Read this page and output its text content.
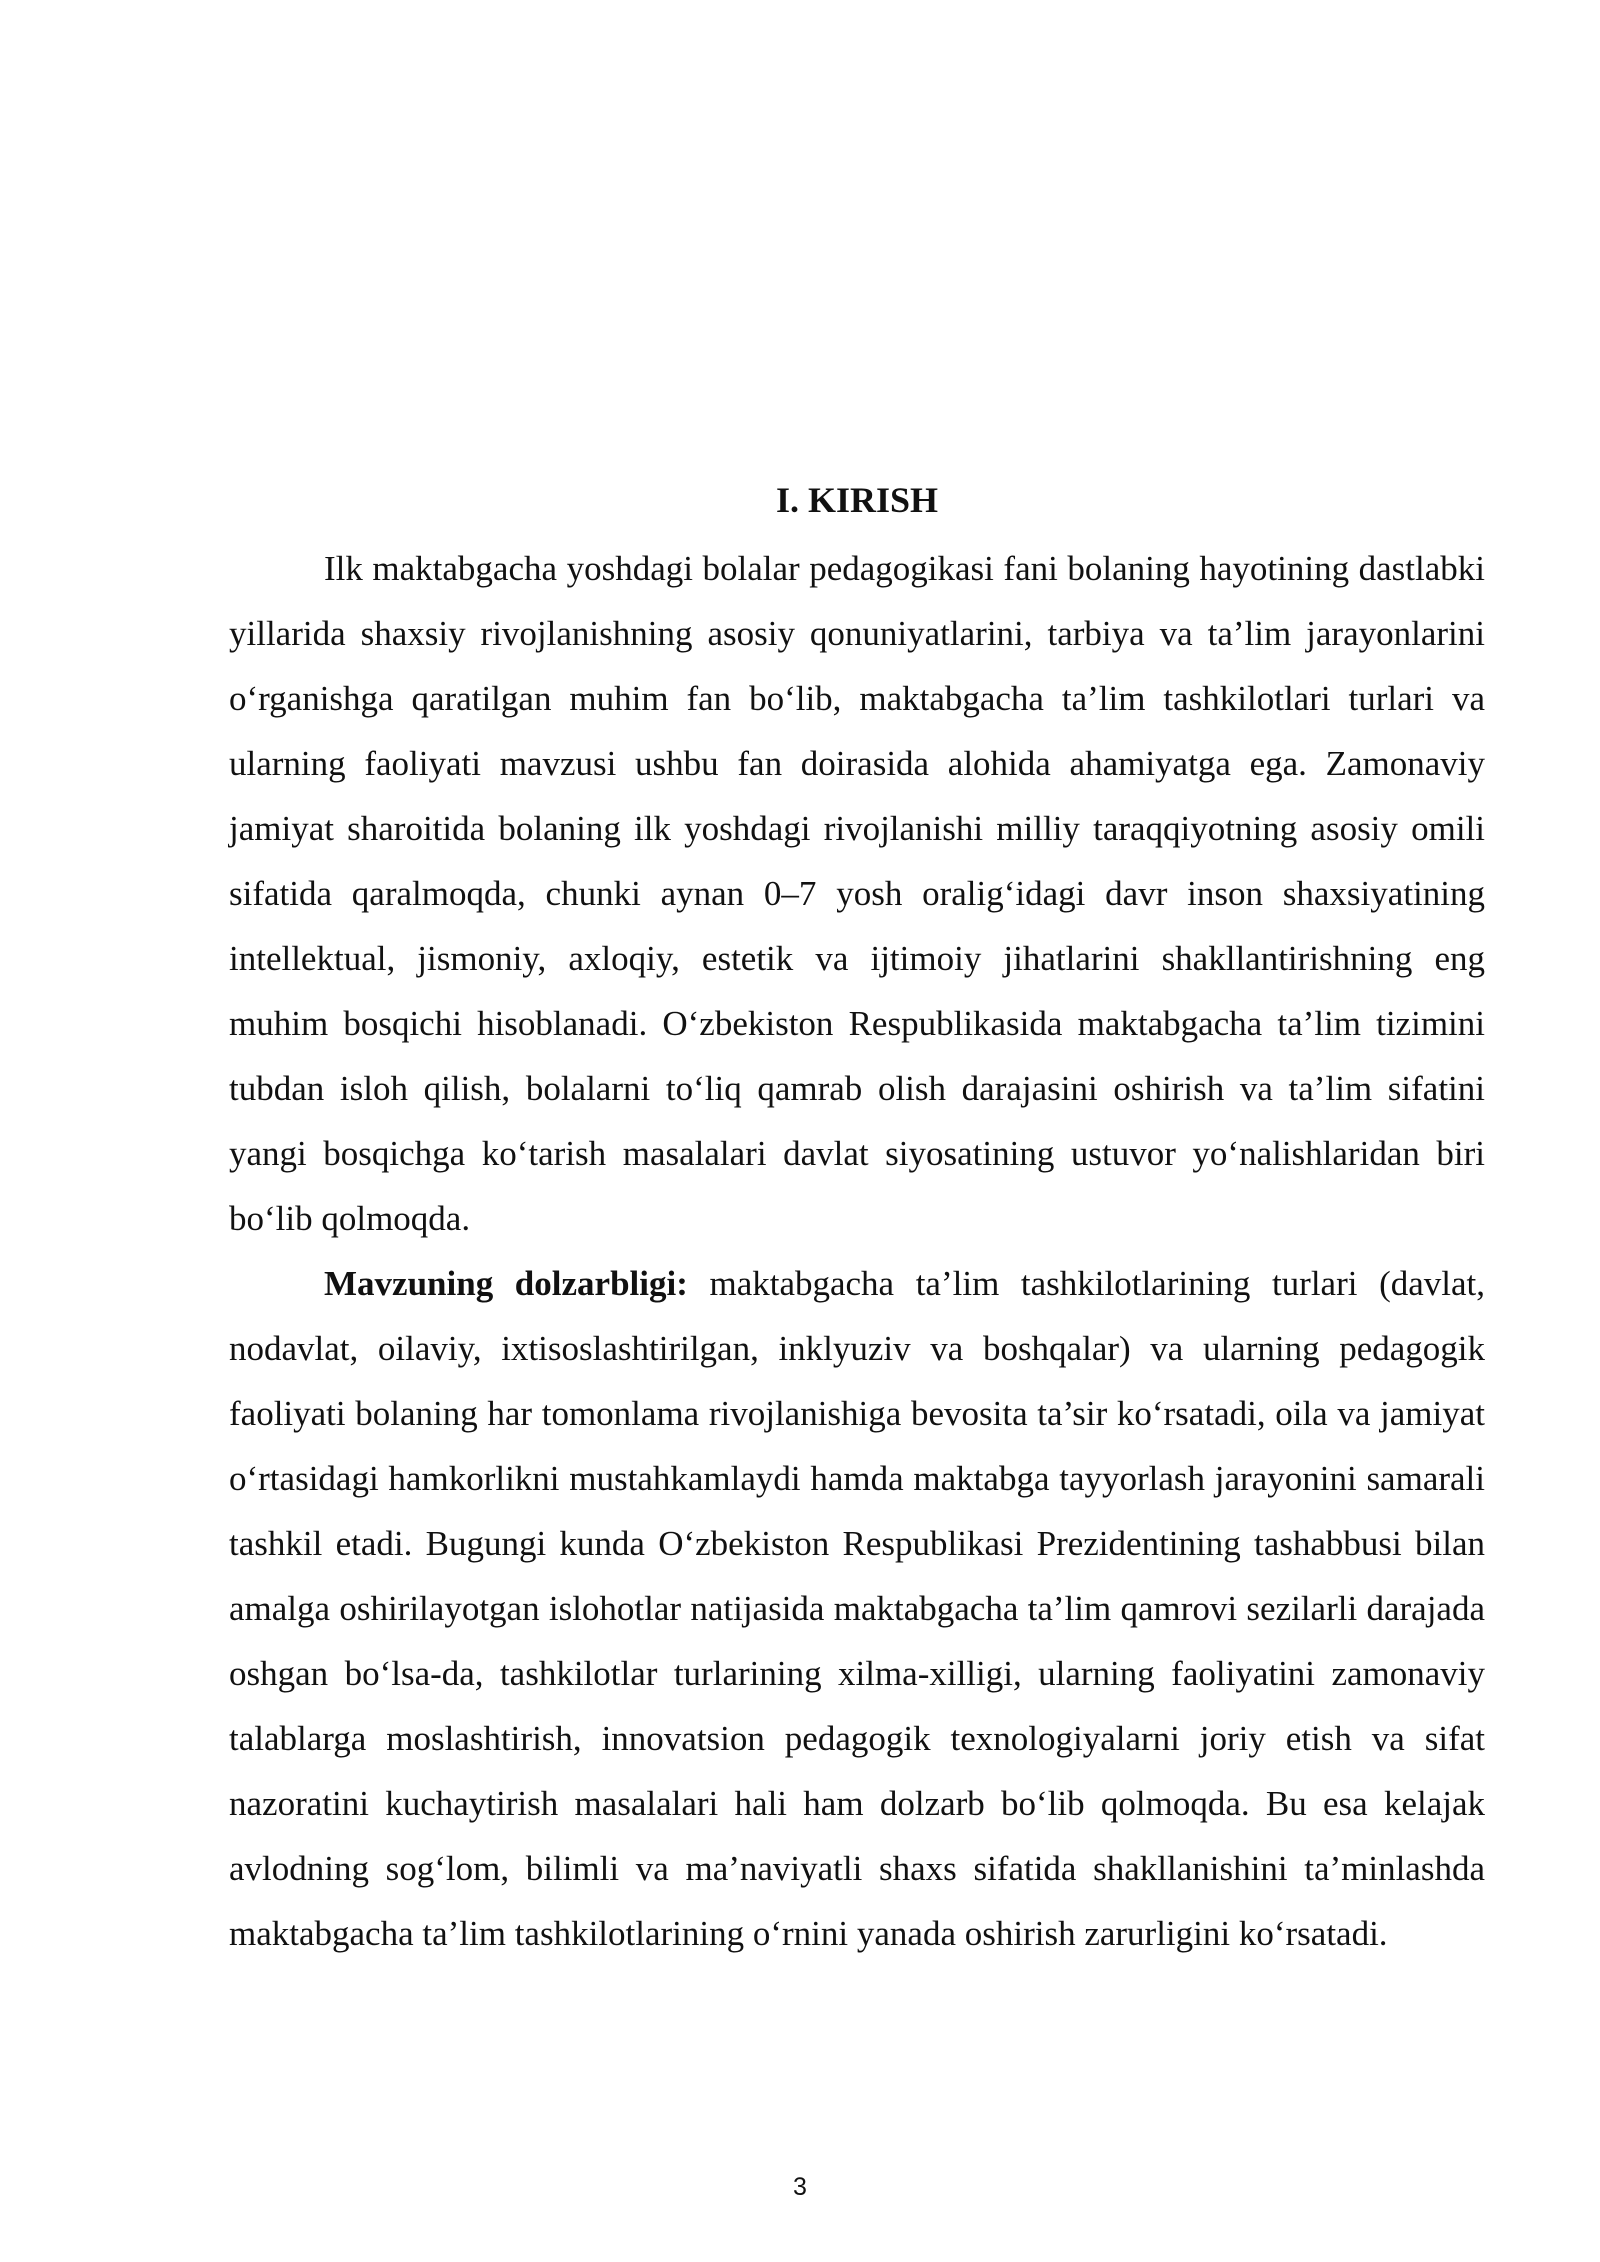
I. KIRISH

Ilk maktabgacha yoshdagi bolalar pedagogikasi fani bolaning hayotining dastlabki yillarida shaxsiy rivojlanishning asosiy qonuniyatlarini, tarbiya va ta’lim jarayonlarini o‘rganishga qaratilgan muhim fan bo‘lib, maktabgacha ta’lim tashkilotlari turlari va ularning faoliyati mavzusi ushbu fan doirasida alohida ahamiyatga ega. Zamonaviy jamiyat sharoitida bolaning ilk yoshdagi rivojlanishi milliy taraqqiyotning asosiy omili sifatida qaralmoqda, chunki aynan 0–7 yosh oralig‘idagi davr inson shaxsiyatining intellektual, jismoniy, axloqiy, estetik va ijtimoiy jihatlarini shakllantirishning eng muhim bosqichi hisoblanadi. O‘zbekiston Respublikasida maktabgacha ta’lim tizimini tubdan isloh qilish, bolalarni to‘liq qamrab olish darajasini oshirish va ta’lim sifatini yangi bosqichga ko‘tarish masalalari davlat siyosatining ustuvor yo‘nalishlaridan biri bo‘lib qolmoqda.

Mavzuning dolzarbligi: maktabgacha ta’lim tashkilotlarining turlari (davlat, nodavlat, oilaviy, ixtisoslashtirilgan, inklyuziv va boshqalar) va ularning pedagogik faoliyati bolaning har tomonlama rivojlanishiga bevosita ta’sir ko‘rsatadi, oila va jamiyat o‘rtasidagi hamkorlikni mustahkamlaydi hamda maktabga tayyorlash jarayonini samarali tashkil etadi. Bugungi kunda O‘zbekiston Respublikasi Prezidentining tashabbusi bilan amalga oshirilayotgan islohotlar natijasida maktabgacha ta’lim qamrovi sezilarli darajada oshgan bo‘lsa-da, tashkilotlar turlarining xilma-xilligi, ularning faoliyatini zamonaviy talablarga moslashtirish, innovatsion pedagogik texnologiyalarni joriy etish va sifat nazoratini kuchaytirish masalalari hali ham dolzarb bo‘lib qolmoqda. Bu esa kelajak avlodning sog‘lom, bilimli va ma’naviyatli shaxs sifatida shakllanishini ta’minlashda maktabgacha ta’lim tashkilotlarining o‘rnini yanada oshirish zarurligini ko‘rsatadi.

3
